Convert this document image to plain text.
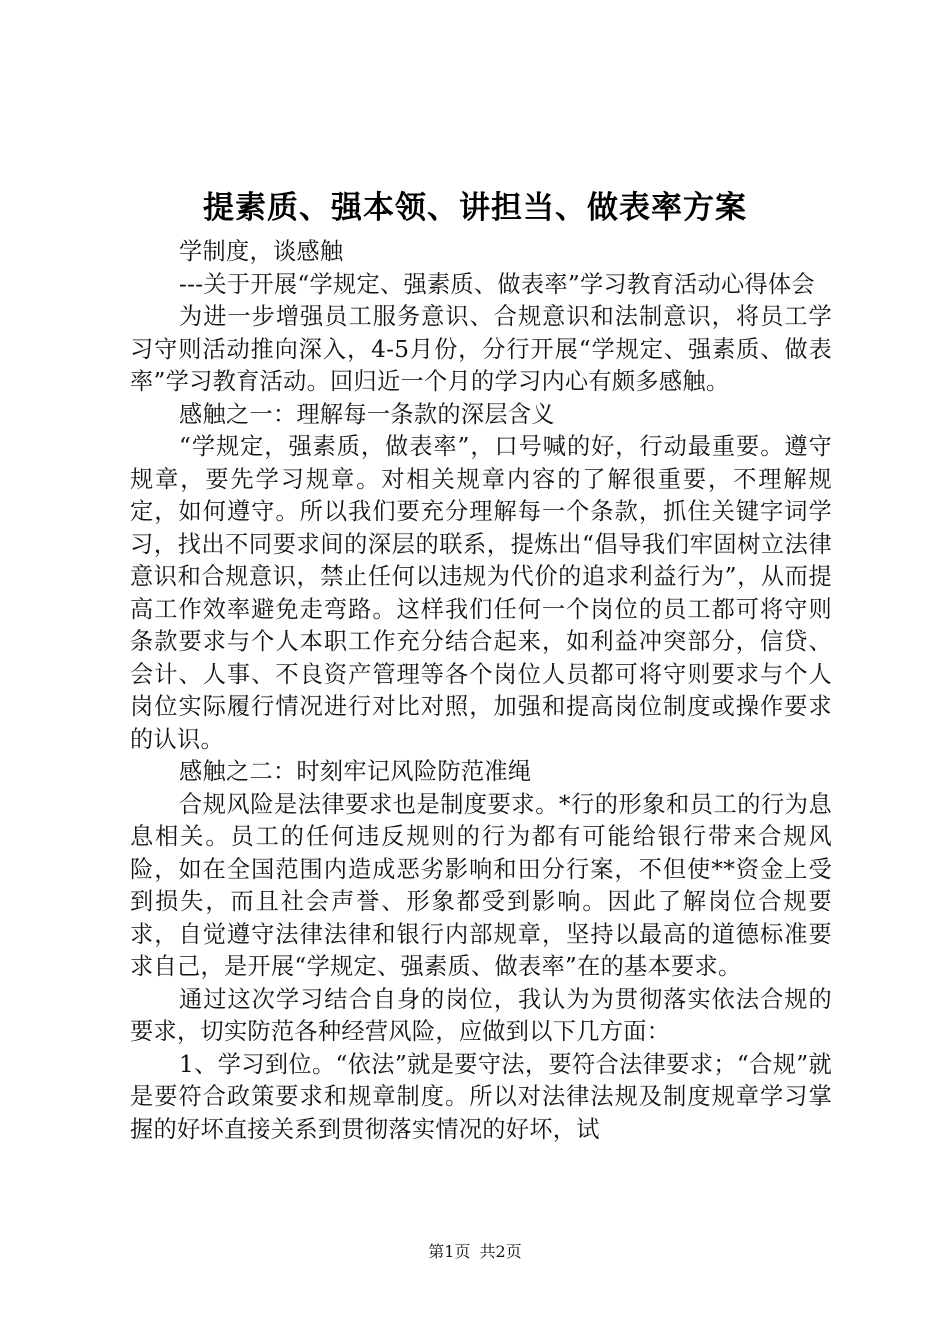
提素质、强本领、讲担当、做表率方案

学制度，谈感触

---关于开展“学规定、强素质、做表率”学习教育活动心得体会

为进一步增强员工服务意识、合规意识和法制意识，将员工学习守则活动推向深入，4-5月份，分行开展“学规定、强素质、做表率”学习教育活动。回归近一个月的学习内心有颇多感触。

感触之一：理解每一条款的深层含义

“学规定，强素质，做表率”，口号喊的好，行动最重要。遵守规章，要先学习规章。对相关规章内容的了解很重要，不理解规定，如何遵守。所以我们要充分理解每一个条款，抓住关键字词学习，找出不同要求间的深层的联系，提炼出“倡导我们牢固树立法律意识和合规意识，禁止任何以违规为代价的追求利益行为”，从而提高工作效率避免走弯路。这样我们任何一个岗位的员工都可将守则条款要求与个人本职工作充分结合起来，如利益冲突部分，信贷、会计、人事、不良资产管理等各个岗位人员都可将守则要求与个人岗位实际履行情况进行对比对照，加强和提高岗位制度或操作要求的认识。

感触之二：时刻牢记风险防范准绳

合规风险是法律要求也是制度要求。*行的形象和员工的行为息息相关。员工的任何违反规则的行为都有可能给银行带来合规风险，如在全国范围内造成恶劣影响和田分行案，不但使**资金上受到损失，而且社会声誉、形象都受到影响。因此了解岗位合规要求，自觉遵守法律法律和银行内部规章，坚持以最高的道德标准要求自己，是开展“学规定、强素质、做表率”在的基本要求。

通过这次学习结合自身的岗位，我认为为贯彻落实依法合规的要求，切实防范各种经营风险，应做到以下几方面：

1、学习到位。“依法”就是要守法，要符合法律要求；“合规”就是要符合政策要求和规章制度。所以对法律法规及制度规章学习掌握的好坏直接关系到贯彻落实情况的好坏，试

第1页 共2页
